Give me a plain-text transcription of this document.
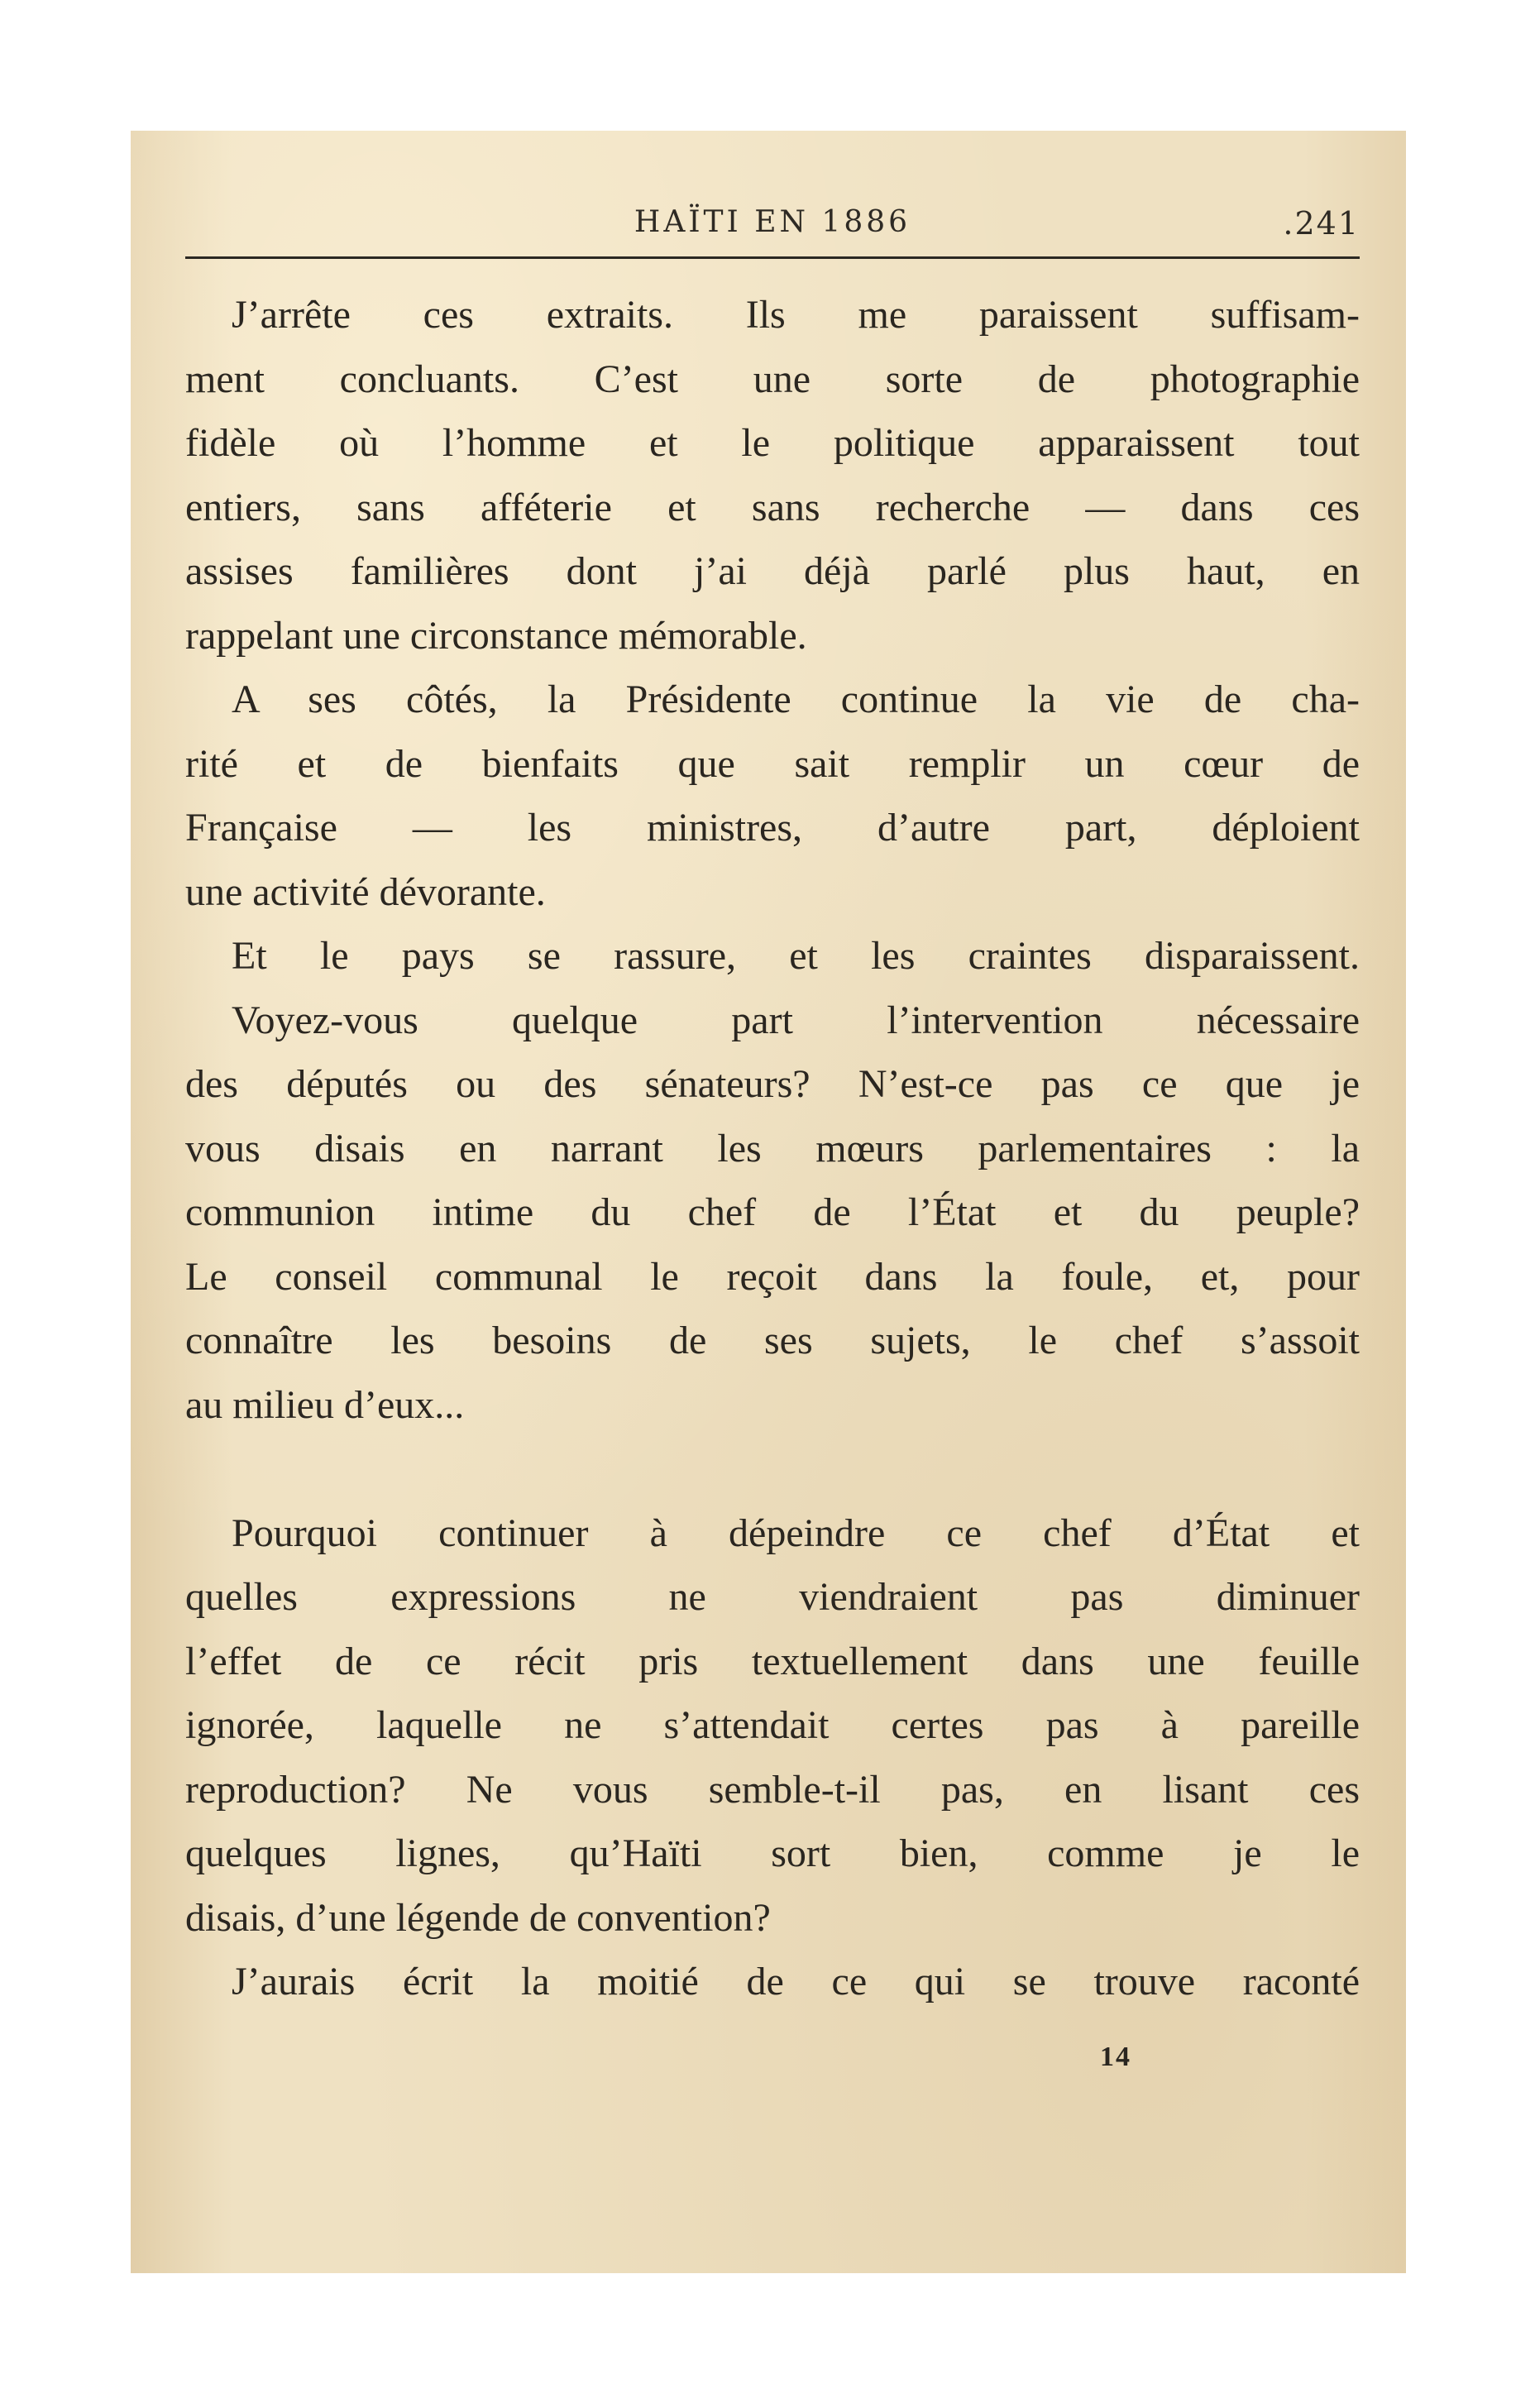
HAÏTI EN 1886	.241
J’arrête ces extraits. Ils me paraissent suffisam-
ment concluants. C’est une sorte de photographie
fidèle où l’homme et le politique apparaissent tout
entiers, sans afféterie et sans recherche — dans ces
assises familières dont j’ai déjà parlé plus haut, en
rappelant une circonstance mémorable.
A ses côtés, la Présidente continue la vie de cha-
rité et de bienfaits que sait remplir un cœur de
Française — les ministres, d’autre part, déploient
une activité dévorante.
Et le pays se rassure, et les craintes disparaissent.
Voyez-vous quelque part l’intervention nécessaire
des députés ou des sénateurs? N’est-ce pas ce que je
vous disais en narrant les mœurs parlementaires : la
communion intime du chef de l’État et du peuple?
Le conseil communal le reçoit dans la foule, et, pour
connaître les besoins de ses sujets, le chef s’assoit
au milieu d’eux...
Pourquoi continuer à dépeindre ce chef d’État et
quelles expressions ne viendraient pas diminuer
l’effet de ce récit pris textuellement dans une feuille
ignorée, laquelle ne s’attendait certes pas à pareille
reproduction? Ne vous semble-t-il pas, en lisant ces
quelques lignes, qu’Haïti sort bien, comme je le
disais, d’une légende de convention?
J’aurais écrit la moitié de ce qui se trouve raconté
14
